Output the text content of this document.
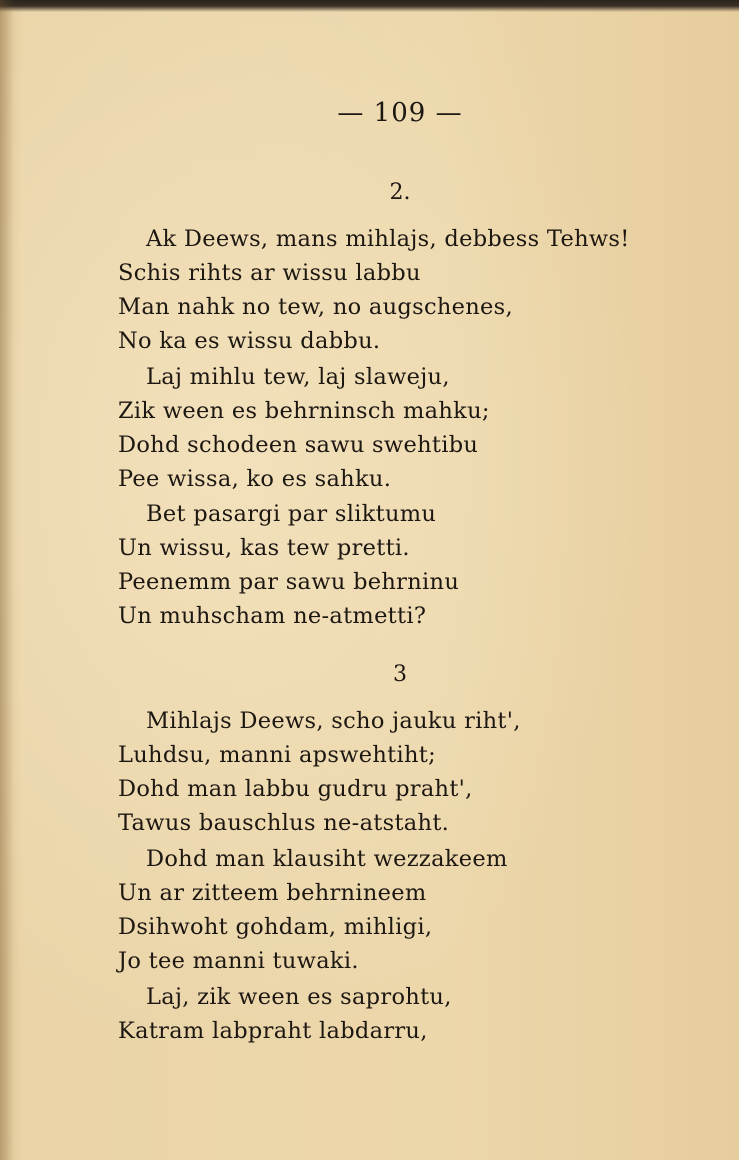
— 109 —
2.

Ak Deews, mans mihlajs, debbess Tehws!
Schis rihts ar wissu labbu
Man nahk no tew, no augschenes,
No ka es wissu dabbu.

Laj mihlu tew, laj slaweju,
Zik ween es behrninsch mahku;
Dohd schodeen sawu swehtibu
Pee wissa, ko es sahku.

Bet pasargi par sliktumu
Un wissu, kas tew pretti.
Peenemm par sawu behrninu
Un muhscham ne-atmetti?

3

Mihlajs Deews, scho jauku riht',
Luhdsu, manni apswehtiht;
Dohd man labbu gudru praht',
Tawus bauschlus ne-atstaht.

Dohd man klausiht wezzakeem
Un ar zitteem behrnineem
Dsihwoht gohdam, mihligi,
Jo tee manni tuwaki.

Laj, zik ween es saprohtu,
Katram labpraht labdarru,
